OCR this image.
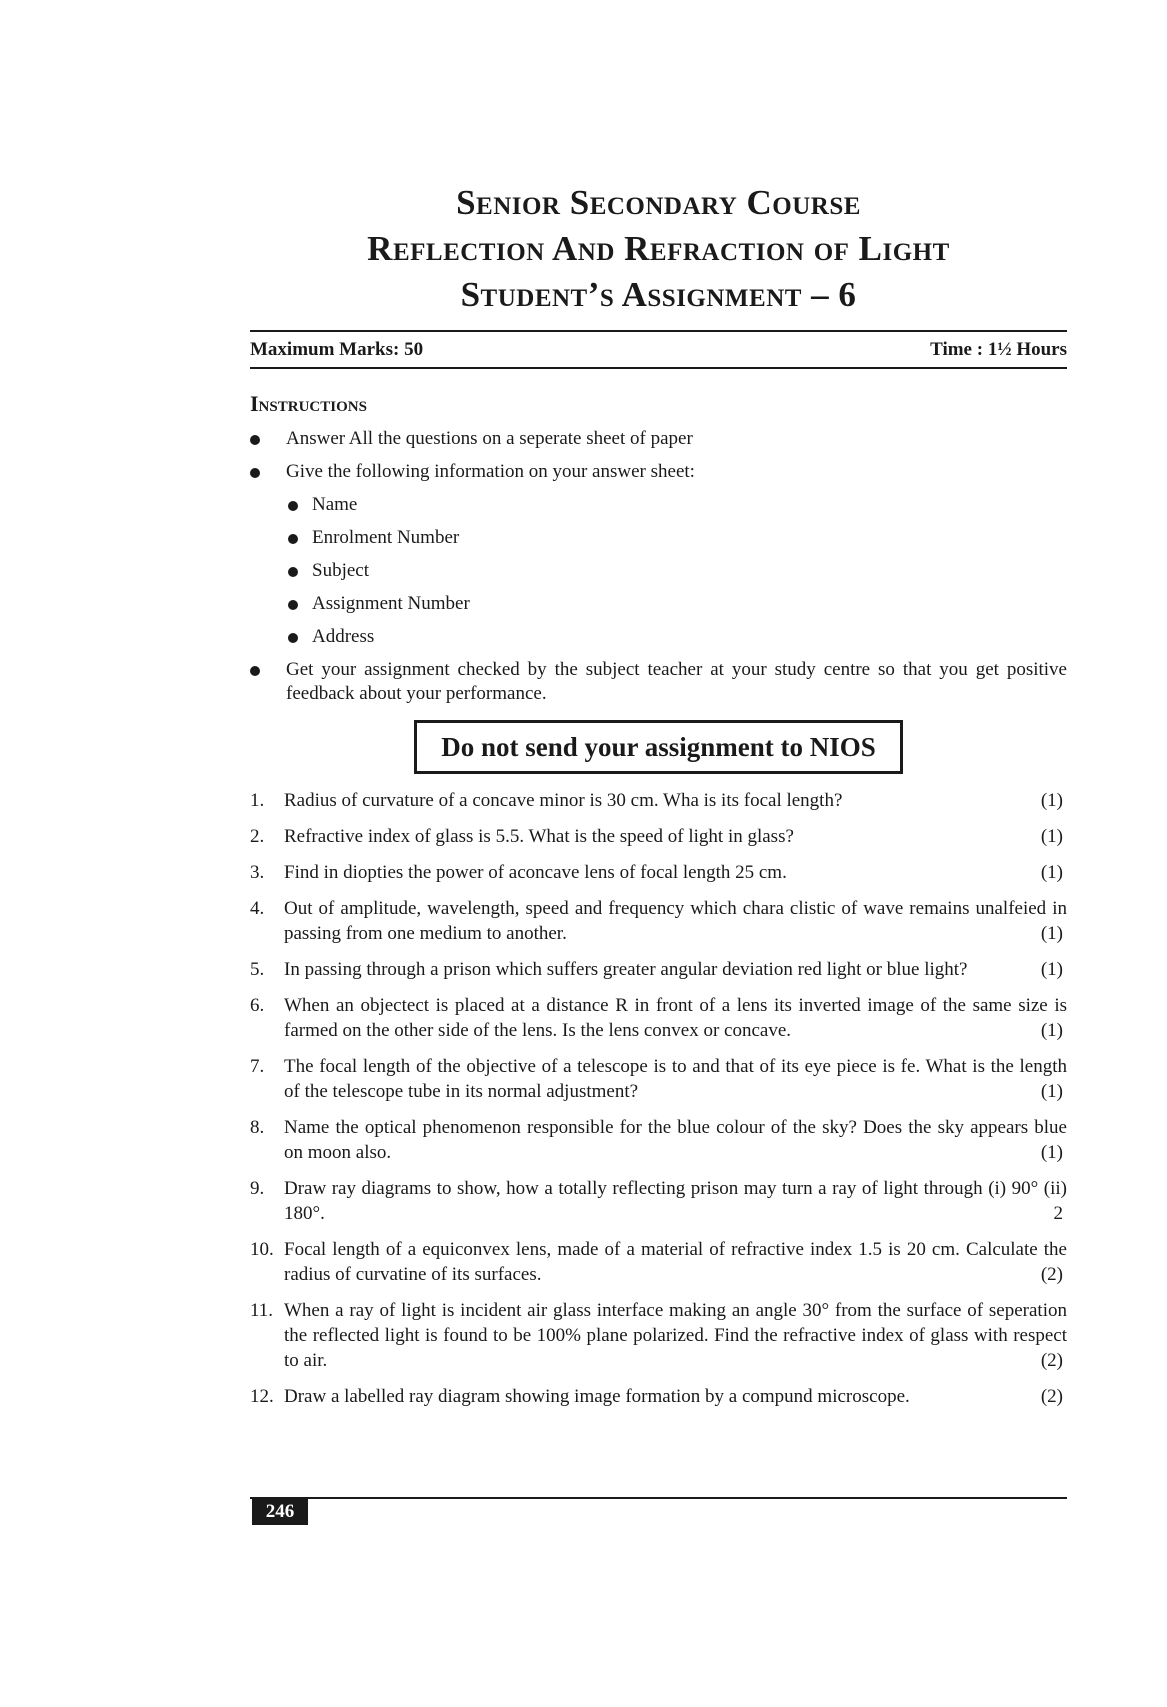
Senior Secondary Course
Reflection And Refraction of Light
Student’s Assignment – 6
Maximum Marks: 50	Time : 1½ Hours
Instructions
Answer All the questions on a seperate sheet of paper
Give the following information on your answer sheet:
Name
Enrolment Number
Subject
Assignment Number
Address
Get your assignment checked by the subject teacher at your study centre so that you get positive feedback about your performance.
Do not send your assignment to NIOS
1. Radius of curvature of a concave minor is 30 cm. Wha is its focal length?	(1)
2. Refractive index of glass is 5.5. What is the speed of light in glass?	(1)
3. Find in diopties the power of aconcave lens of focal length 25 cm.	(1)
4. Out of amplitude, wavelength, speed and frequency which chara clistic of wave remains unalfeied in passing from one medium to another.	(1)
5. In passing through a prison which suffers greater angular deviation red light or blue light?	(1)
6. When an objectect is placed at a distance R in front of a lens its inverted image of the same size is farmed on the other side of the lens. Is the lens convex or concave.	(1)
7. The focal length of the objective of a telescope is to and that of its eye piece is fe. What is the length of the telescope tube in its normal adjustment?	(1)
8. Name the optical phenomenon responsible for the blue colour of the sky? Does the sky appears blue on moon also.	(1)
9. Draw ray diagrams to show, how a totally reflecting prison may turn a ray of light through (i) 90° (ii) 180°.	2
10. Focal length of a equiconvex lens, made of a material of refractive index 1.5 is 20 cm. Calculate the radius of curvatine of its surfaces.	(2)
11. When a ray of light is incident air glass interface making an angle 30° from the surface of seperation the reflected light is found to be 100% plane polarized. Find the refractive index of glass with respect to air.	(2)
12. Draw a labelled ray diagram showing image formation by a compund microscope.	(2)
246
